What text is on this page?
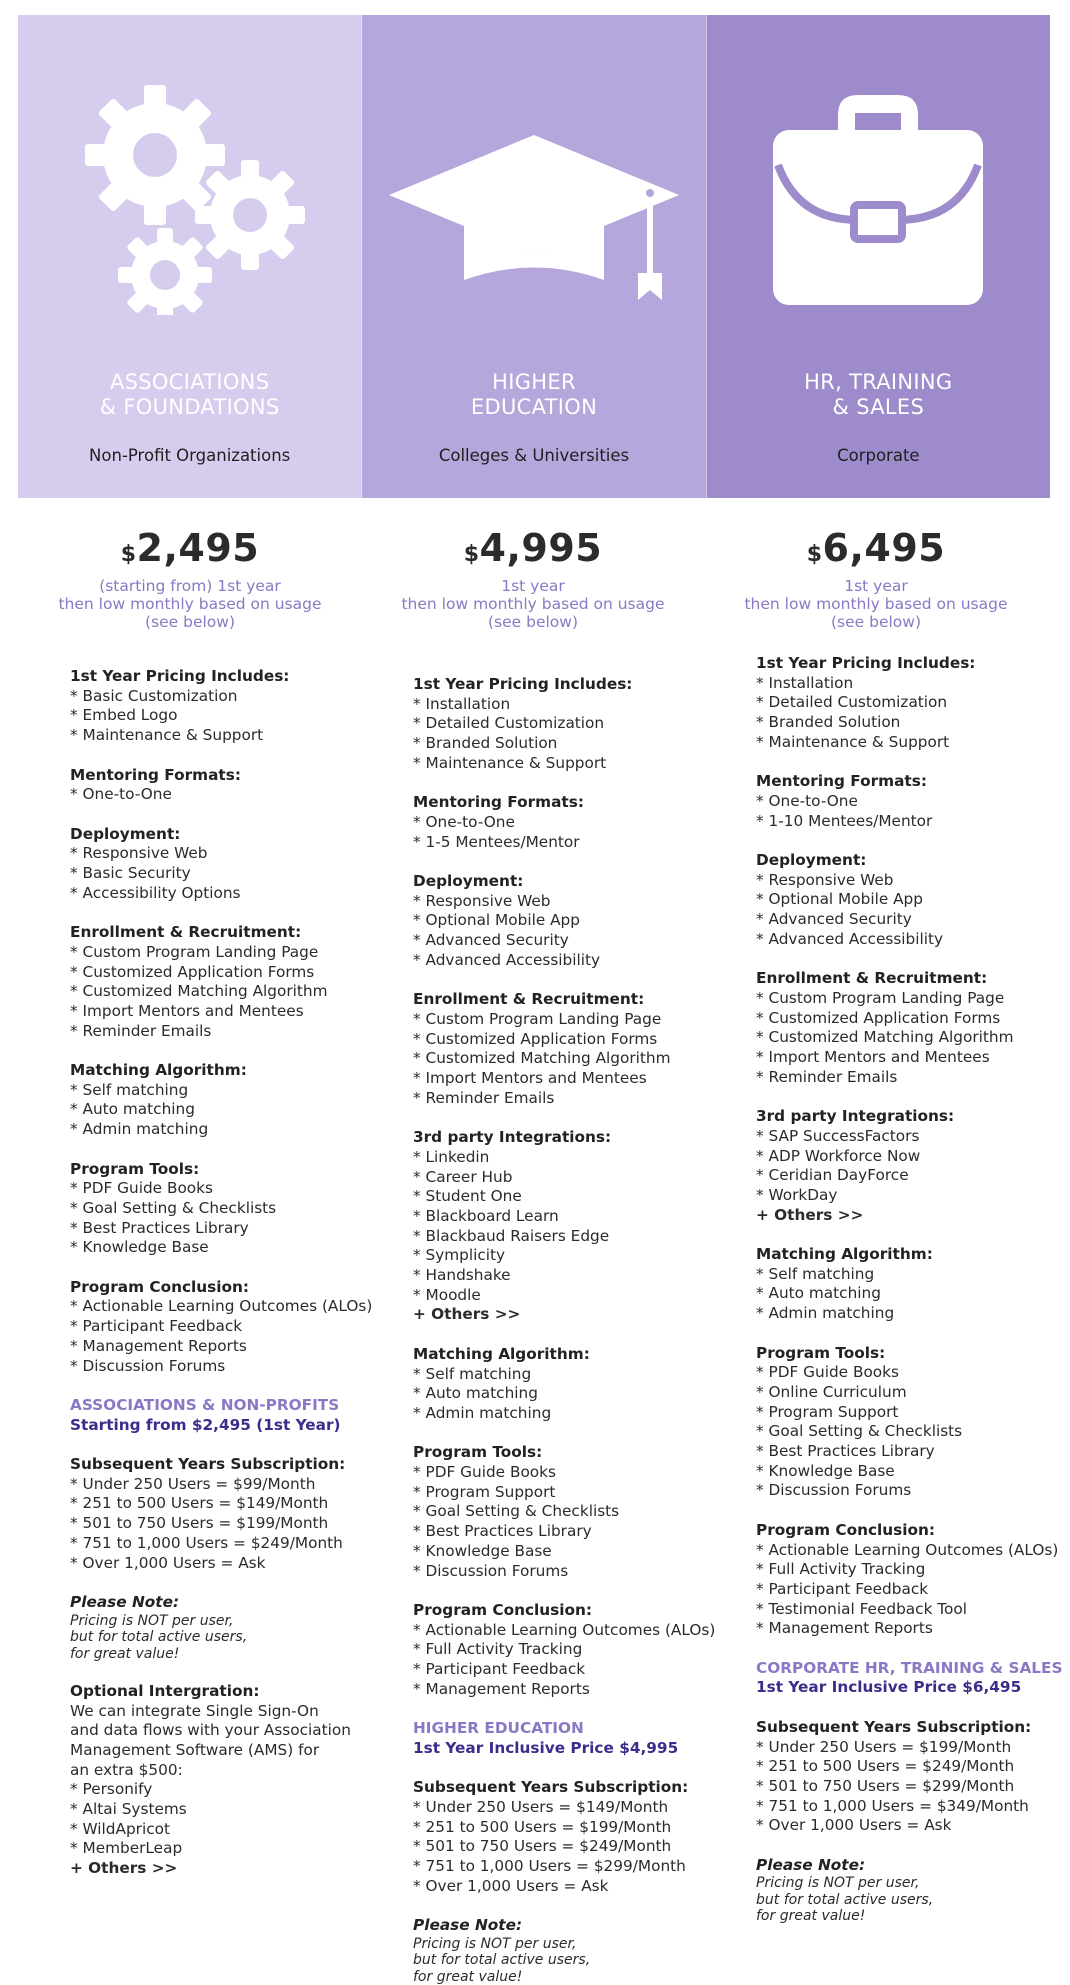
ASSOCIATIONS
& FOUNDATIONS
Non-Profit Organizations
HIGHER
EDUCATION
Colleges & Universities
HR, TRAINING
& SALES
Corporate
$2,495
(starting from) 1st year
then low monthly based on usage
(see below)
$4,995
1st year
then low monthly based on usage
(see below)
$6,495
1st year
then low monthly based on usage
(see below)
1st Year Pricing Includes:
* Basic Customization
* Embed Logo
* Maintenance & Support
Mentoring Formats:
* One-to-One
Deployment:
* Responsive Web
* Basic Security
* Accessibility Options
Enrollment & Recruitment:
* Custom Program Landing Page
* Customized Application Forms
* Customized Matching Algorithm
* Import Mentors and Mentees
* Reminder Emails
Matching Algorithm:
* Self matching
* Auto matching
* Admin matching
Program Tools:
* PDF Guide Books
* Goal Setting & Checklists
* Best Practices Library
* Knowledge Base
Program Conclusion:
* Actionable Learning Outcomes (ALOs)
* Participant Feedback
* Management Reports
* Discussion Forums
ASSOCIATIONS & NON-PROFITS
Starting from $2,495 (1st Year)
Subsequent Years Subscription:
* Under 250 Users = $99/Month
* 251 to 500 Users = $149/Month
* 501 to 750 Users = $199/Month
* 751 to 1,000 Users = $249/Month
* Over 1,000 Users = Ask
Please Note:
Pricing is NOT per user,
but for total active users,
for great value!
Optional Intergration:
We can integrate Single Sign-On
and data flows with your Association
Management Software (AMS) for
an extra $500:
* Personify
* Altai Systems
* WildApricot
* MemberLeap
+ Others >>
1st Year Pricing Includes:
* Installation
* Detailed Customization
* Branded Solution
* Maintenance & Support
Mentoring Formats:
* One-to-One
* 1-5 Mentees/Mentor
Deployment:
* Responsive Web
* Optional Mobile App
* Advanced Security
* Advanced Accessibility
Enrollment & Recruitment:
* Custom Program Landing Page
* Customized Application Forms
* Customized Matching Algorithm
* Import Mentors and Mentees
* Reminder Emails
3rd party Integrations:
* Linkedin
* Career Hub
* Student One
* Blackboard Learn
* Blackbaud Raisers Edge
* Symplicity
* Handshake
* Moodle
+ Others >>
Matching Algorithm:
* Self matching
* Auto matching
* Admin matching
Program Tools:
* PDF Guide Books
* Program Support
* Goal Setting & Checklists
* Best Practices Library
* Knowledge Base
* Discussion Forums
Program Conclusion:
* Actionable Learning Outcomes (ALOs)
* Full Activity Tracking
* Participant Feedback
* Management Reports
HIGHER EDUCATION
1st Year Inclusive Price $4,995
Subsequent Years Subscription:
* Under 250 Users = $149/Month
* 251 to 500 Users = $199/Month
* 501 to 750 Users = $249/Month
* 751 to 1,000 Users = $299/Month
* Over 1,000 Users = Ask
Please Note:
Pricing is NOT per user,
but for total active users,
for great value!
1st Year Pricing Includes:
* Installation
* Detailed Customization
* Branded Solution
* Maintenance & Support
Mentoring Formats:
* One-to-One
* 1-10 Mentees/Mentor
Deployment:
* Responsive Web
* Optional Mobile App
* Advanced Security
* Advanced Accessibility
Enrollment & Recruitment:
* Custom Program Landing Page
* Customized Application Forms
* Customized Matching Algorithm
* Import Mentors and Mentees
* Reminder Emails
3rd party Integrations:
* SAP SuccessFactors
* ADP Workforce Now
* Ceridian DayForce
* WorkDay
+ Others >>
Matching Algorithm:
* Self matching
* Auto matching
* Admin matching
Program Tools:
* PDF Guide Books
* Online Curriculum
* Program Support
* Goal Setting & Checklists
* Best Practices Library
* Knowledge Base
* Discussion Forums
Program Conclusion:
* Actionable Learning Outcomes (ALOs)
* Full Activity Tracking
* Participant Feedback
* Testimonial Feedback Tool
* Management Reports
CORPORATE HR, TRAINING & SALES
1st Year Inclusive Price $6,495
Subsequent Years Subscription:
* Under 250 Users = $199/Month
* 251 to 500 Users = $249/Month
* 501 to 750 Users = $299/Month
* 751 to 1,000 Users = $349/Month
* Over 1,000 Users = Ask
Please Note:
Pricing is NOT per user,
but for total active users,
for great value!
